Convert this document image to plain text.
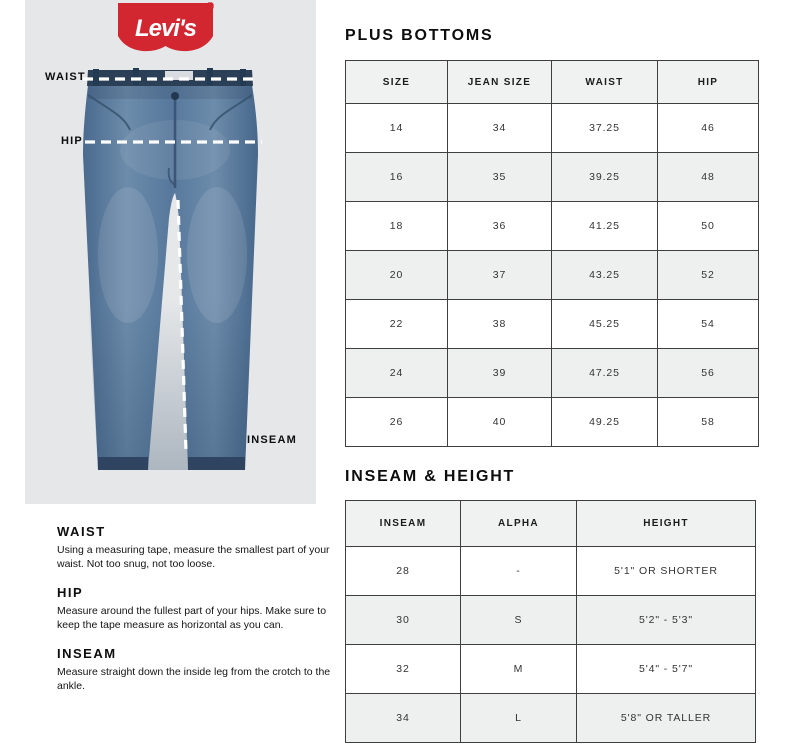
Levi's
®
WAIST
HIP
INSEAM
WAIST

Using a measuring tape, measure the smallest part of your waist. Not too snug, not too loose.

HIP

Measure around the fullest part of your hips. Make sure to keep the tape measure as horizontal as you can.

INSEAM

Measure straight down the inside leg from the crotch to the ankle.

PLUS BOTTOMS
SIZE	JEAN SIZE	WAIST	HIP
14	34	37.25	46
16	35	39.25	48
18	36	41.25	50
20	37	43.25	52
22	38	45.25	54
24	39	47.25	56
26	40	49.25	58
INSEAM & HEIGHT
INSEAM	ALPHA	HEIGHT
28	-	5'1" OR SHORTER
30	S	5'2" - 5'3"
32	M	5'4" - 5'7"
34	L	5'8" OR TALLER
